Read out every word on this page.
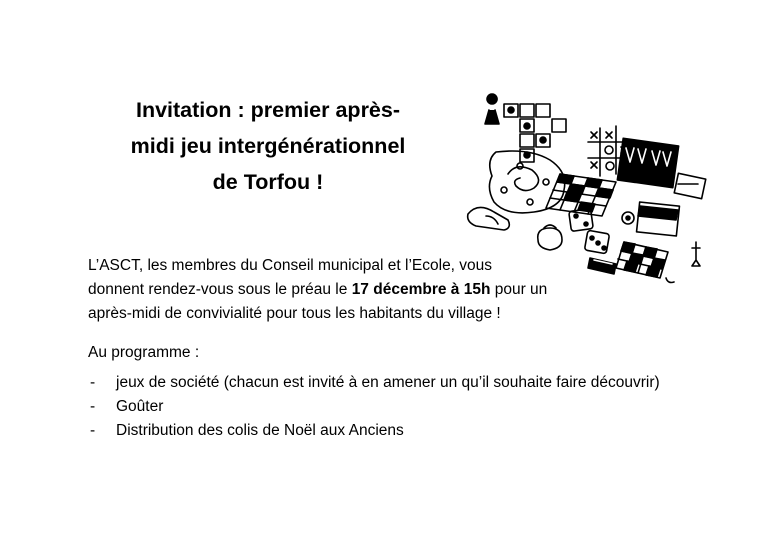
Invitation : premier après-
midi jeu intergénérationnel
de Torfou !

L’ASCT, les membres du Conseil municipal et l’Ecole, vous
donnent rendez-vous sous le préau le 17 décembre à 15h pour un
après-midi de convivialité pour tous les habitants du village !

Au programme :

- jeux de société (chacun est invité à en amener un qu’il souhaite faire découvrir)
- Goûter
- Distribution des colis de Noël aux Anciens
